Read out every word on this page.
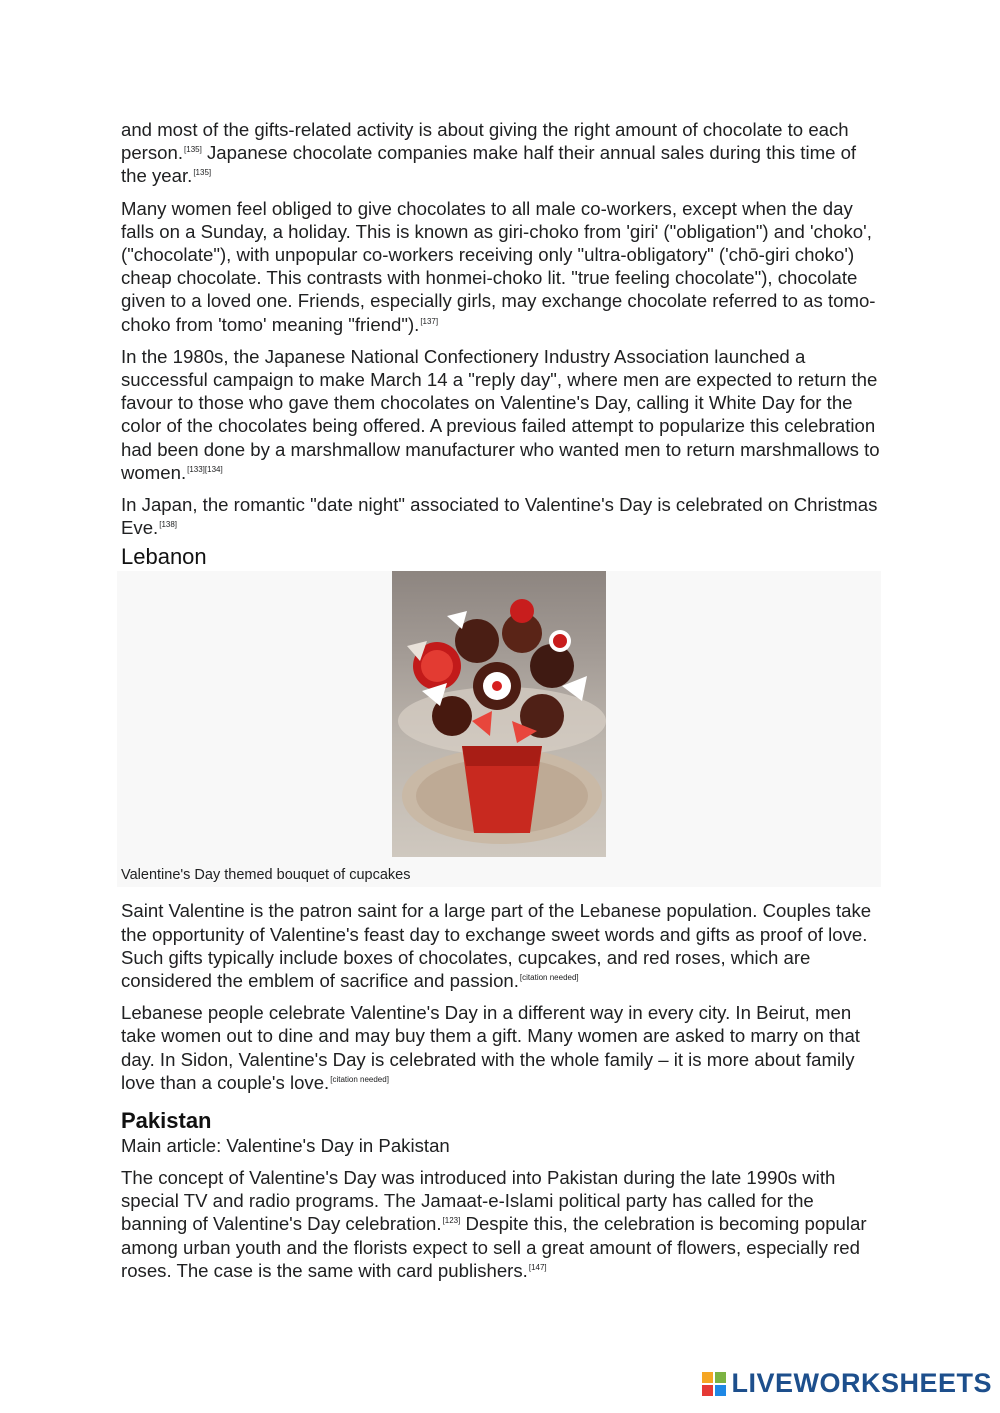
and most of the gifts-related activity is about giving the right amount of chocolate to each person.[135] Japanese chocolate companies make half their annual sales during this time of the year.[135]

Many women feel obliged to give chocolates to all male co-workers, except when the day falls on a Sunday, a holiday. This is known as giri-choko from 'giri' ("obligation") and 'choko', ("chocolate"), with unpopular co-workers receiving only "ultra-obligatory" ('chō-giri choko') cheap chocolate. This contrasts with honmei-choko lit. "true feeling chocolate"), chocolate given to a loved one. Friends, especially girls, may exchange chocolate referred to as tomo-choko from 'tomo' meaning "friend").[137]

In the 1980s, the Japanese National Confectionery Industry Association launched a successful campaign to make March 14 a "reply day", where men are expected to return the favour to those who gave them chocolates on Valentine's Day, calling it White Day for the color of the chocolates being offered. A previous failed attempt to popularize this celebration had been done by a marshmallow manufacturer who wanted men to return marshmallows to women.[133][134]

In Japan, the romantic "date night" associated to Valentine's Day is celebrated on Christmas Eve.[138]

Lebanon
Valentine's Day themed bouquet of cupcakes

Saint Valentine is the patron saint for a large part of the Lebanese population. Couples take the opportunity of Valentine's feast day to exchange sweet words and gifts as proof of love. Such gifts typically include boxes of chocolates, cupcakes, and red roses, which are considered the emblem of sacrifice and passion.[citation needed]

Lebanese people celebrate Valentine's Day in a different way in every city. In Beirut, men take women out to dine and may buy them a gift. Many women are asked to marry on that day. In Sidon, Valentine's Day is celebrated with the whole family – it is more about family love than a couple's love.[citation needed]

Pakistan
Main article: Valentine's Day in Pakistan

The concept of Valentine's Day was introduced into Pakistan during the late 1990s with special TV and radio programs. The Jamaat-e-Islami political party has called for the banning of Valentine's Day celebration.[123] Despite this, the celebration is becoming popular among urban youth and the florists expect to sell a great amount of flowers, especially red roses. The case is the same with card publishers.[147]

LIVEWORKSHEETS
